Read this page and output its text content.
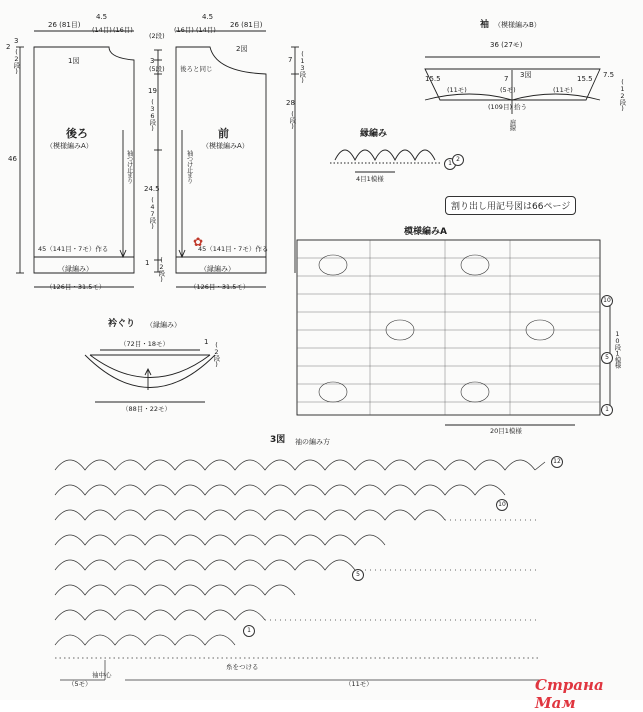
26 (81目)
4.5
(14目) (16目)
3
2
(2段)
46
1図
後ろ
（模様編みA）
袖つけ止まり
45（141目・7モ）作る
（縁編み）
（126目・31.5モ）
(2段)
3
(5段)
19
(36段)
24.5
(47段)
1 (2段)
(16目)
4.5
(14目)
26 (81目)
2図
後ろと同じ
7 (13段)
28
(段)
前
（模様編みA）
袖つけ止まり
✿
45（141目・7モ）作る
（縁編み）
（126目・31.5モ）
袖 （模様編みB）
36 (27モ)
15.5	15.5
7 3図	7.5
(12段)
(11モ)	(5モ)	(11モ)
(109目) 拾う
肩線
縁編み
4目1模様
1
2
割り出し用記号図は66ページ
模様編みA
20目1模様
10段1模様
10
5
1
衿ぐり （縁編み）
（72目・18モ）
（88目・22モ）
1 (2段)
3図 袖の編み方
12
10
5
1
糸をつける
袖中心
（5モ）	（11モ）	Страна Мам
